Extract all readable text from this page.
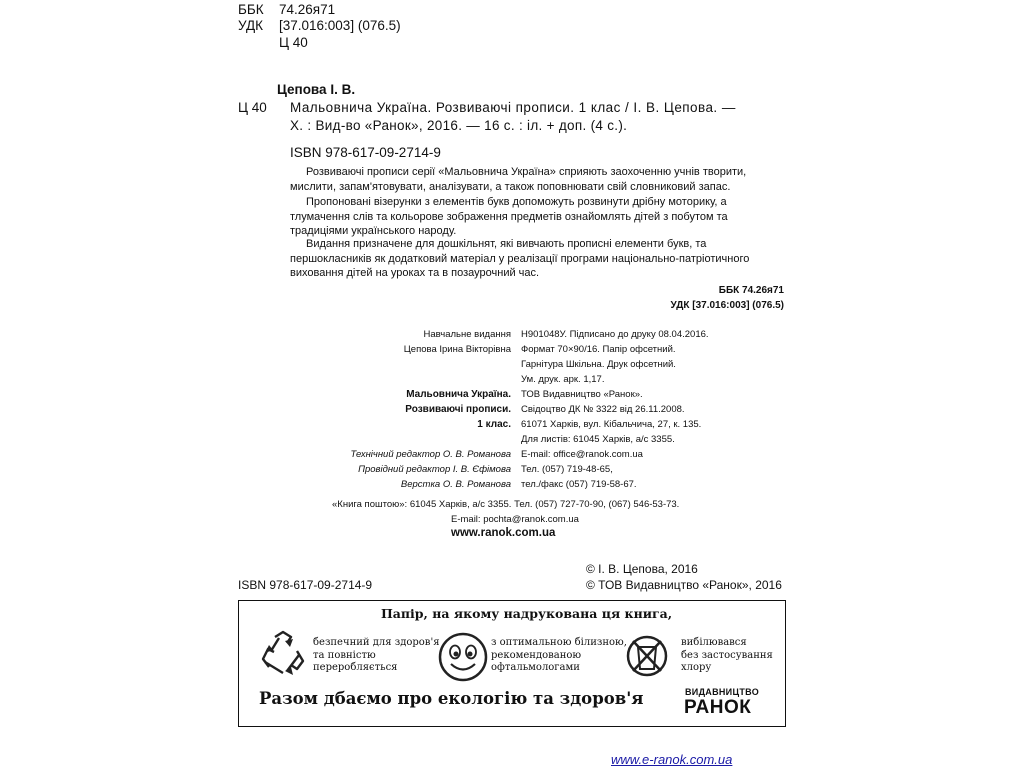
ББК 74.26я71
УДК [37.016:003] (076.5)
Ц 40
Цепова І. В.
Ц 40 Мальовнича Україна. Розвиваючі прописи. 1 клас / І. В. Цепова. —
Х. : Вид-во «Ранок», 2016. — 16 с. : іл. + доп. (4 с.).
ISBN 978-617-09-2714-9
Розвиваючі прописи серії «Мальовнича Україна» сприяють заохоченню учнів творити, мислити, запам'ятовувати, аналізувати, а також поповнювати свій словниковий запас.
Пропоновані візерунки з елементів букв допоможуть розвинути дрібну моторику, а тлумачення слів та кольорове зображення предметів ознайомлять дітей з побутом та традиціями українського народу.
Видання призначене для дошкільнят, які вивчають прописні елементи букв, та першокласників як додатковий матеріал у реалізації програми національно-патріотичного виховання дітей на уроках та в позаурочний час.
ББК 74.26я71
УДК [37.016:003] (076.5)
Навчальне видання
Цепова Ірина Вікторівна
Н901048У. Підписано до друку 08.04.2016.
Формат 70×90/16. Папір офсетний.
Гарнітура Шкільна. Друк офсетний.
Ум. друк. арк. 1,17.
Мальовнича Україна.
Розвиваючі прописи.
1 клас.
ТОВ Видавництво «Ранок».
Свідоцтво ДК № 3322 від 26.11.2008.
61071 Харків, вул. Кібальчича, 27, к. 135.
Для листів: 61045 Харків, а/с 3355.
Технічний редактор О. В. Романова
Провідний редактор І. В. Єфімова
Верстка О. В. Романова
E-mail: office@ranok.com.ua
Тел. (057) 719-48-65,
тел./факс (057) 719-58-67.
«Книга поштою»: 61045 Харків, а/с 3355. Тел. (057) 727-70-90, (067) 546-53-73.
E-mail: pochta@ranok.com.ua
www.ranok.com.ua
© І. В. Цепова, 2016
© ТОВ Видавництво «Ранок», 2016
ISBN 978-617-09-2714-9
Папір, на якому надрукована ця книга,
безпечний для здоров'я
та повністю
переробляється
з оптимальною білизною,
рекомендованою
офтальмологами
вибілювався
без застосування
хлору
Разом дбаємо про екологію та здоров'я	ВИДАВНИЦТВО
РАНОК
www.e-ranok.com.ua
